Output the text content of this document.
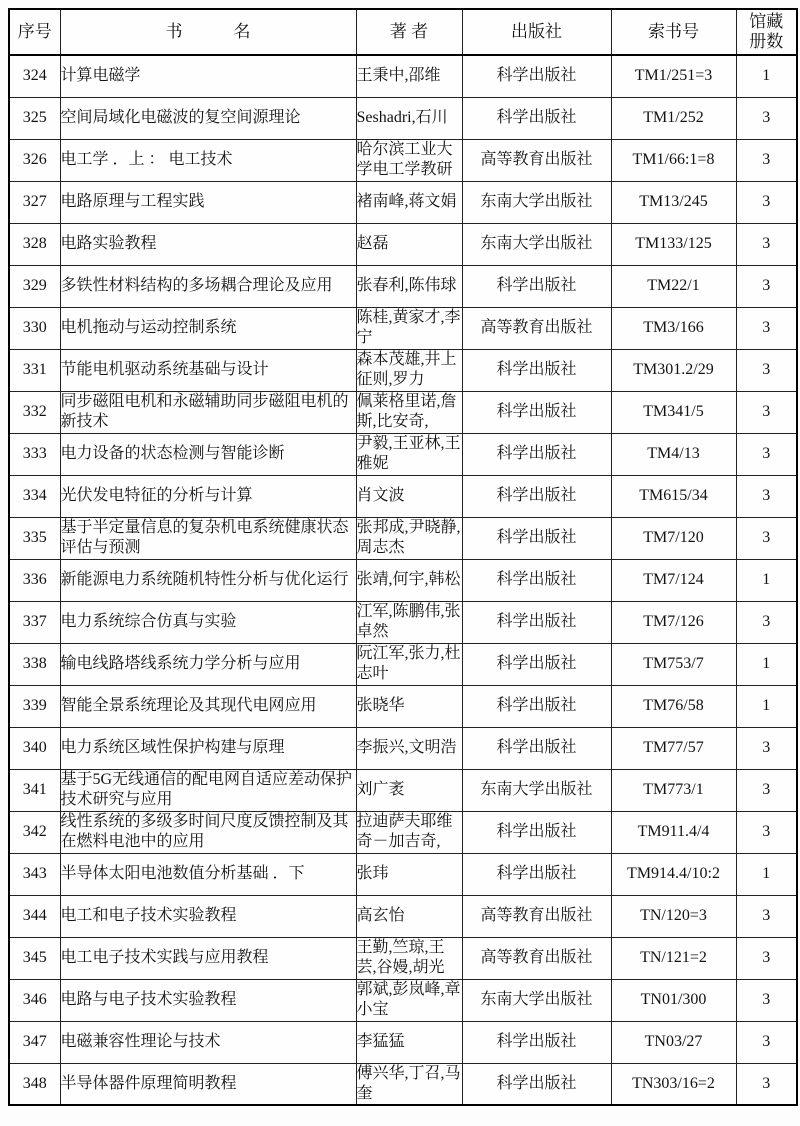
序号	书　　　名	著 者	出版社	索书号	馆藏册数
324	计算电磁学	王秉中,邵维	科学出版社	TM1/251=3	1
325	空间局域化电磁波的复空间源理论	Seshadri,石川	科学出版社	TM1/252	3
326	电工学 ．上 ： 电工技术	哈尔滨工业大学电工学教研	高等教育出版社	TM1/66:1=8	3
327	电路原理与工程实践	褚南峰,蒋文娟	东南大学出版社	TM13/245	3
328	电路实验教程	赵磊	东南大学出版社	TM133/125	3
329	多铁性材料结构的多场耦合理论及应用	张春利,陈伟球	科学出版社	TM22/1	3
330	电机拖动与运动控制系统	陈桂,黄家才,李宁	高等教育出版社	TM3/166	3
331	节能电机驱动系统基础与设计	森本茂雄,井上征则,罗力	科学出版社	TM301.2/29	3
332	同步磁阻电机和永磁辅助同步磁阻电机的新技术	佩莱格里诺,詹斯,比安奇,	科学出版社	TM341/5	3
333	电力设备的状态检测与智能诊断	尹毅,王亚林,王雅妮	科学出版社	TM4/13	3
334	光伏发电特征的分析与计算	肖文波	科学出版社	TM615/34	3
335	基于半定量信息的复杂机电系统健康状态评估与预测	张邦成,尹晓静,周志杰	科学出版社	TM7/120	3
336	新能源电力系统随机特性分析与优化运行	张靖,何宇,韩松	科学出版社	TM7/124	1
337	电力系统综合仿真与实验	江军,陈鹏伟,张卓然	科学出版社	TM7/126	3
338	输电线路塔线系统力学分析与应用	阮江军,张力,杜志叶	科学出版社	TM753/7	1
339	智能全景系统理论及其现代电网应用	张晓华	科学出版社	TM76/58	1
340	电力系统区域性保护构建与原理	李振兴,文明浩	科学出版社	TM77/57	3
341	基于5G无线通信的配电网自适应差动保护技术研究与应用	刘广袤	东南大学出版社	TM773/1	3
342	线性系统的多级多时间尺度反馈控制及其在燃料电池中的应用	拉迪萨夫耶维奇－加吉奇,	科学出版社	TM911.4/4	3
343	半导体太阳电池数值分析基础 ．下	张玮	科学出版社	TM914.4/10:2	1
344	电工和电子技术实验教程	高玄怡	高等教育出版社	TN/120=3	3
345	电工电子技术实践与应用教程	王勤,竺琼,王芸,谷嫚,胡光	高等教育出版社	TN/121=2	3
346	电路与电子技术实验教程	郭斌,彭岚峰,章小宝	东南大学出版社	TN01/300	3
347	电磁兼容性理论与技术	李猛猛	科学出版社	TN03/27	3
348	半导体器件原理简明教程	傅兴华,丁召,马奎	科学出版社	TN303/16=2	3
